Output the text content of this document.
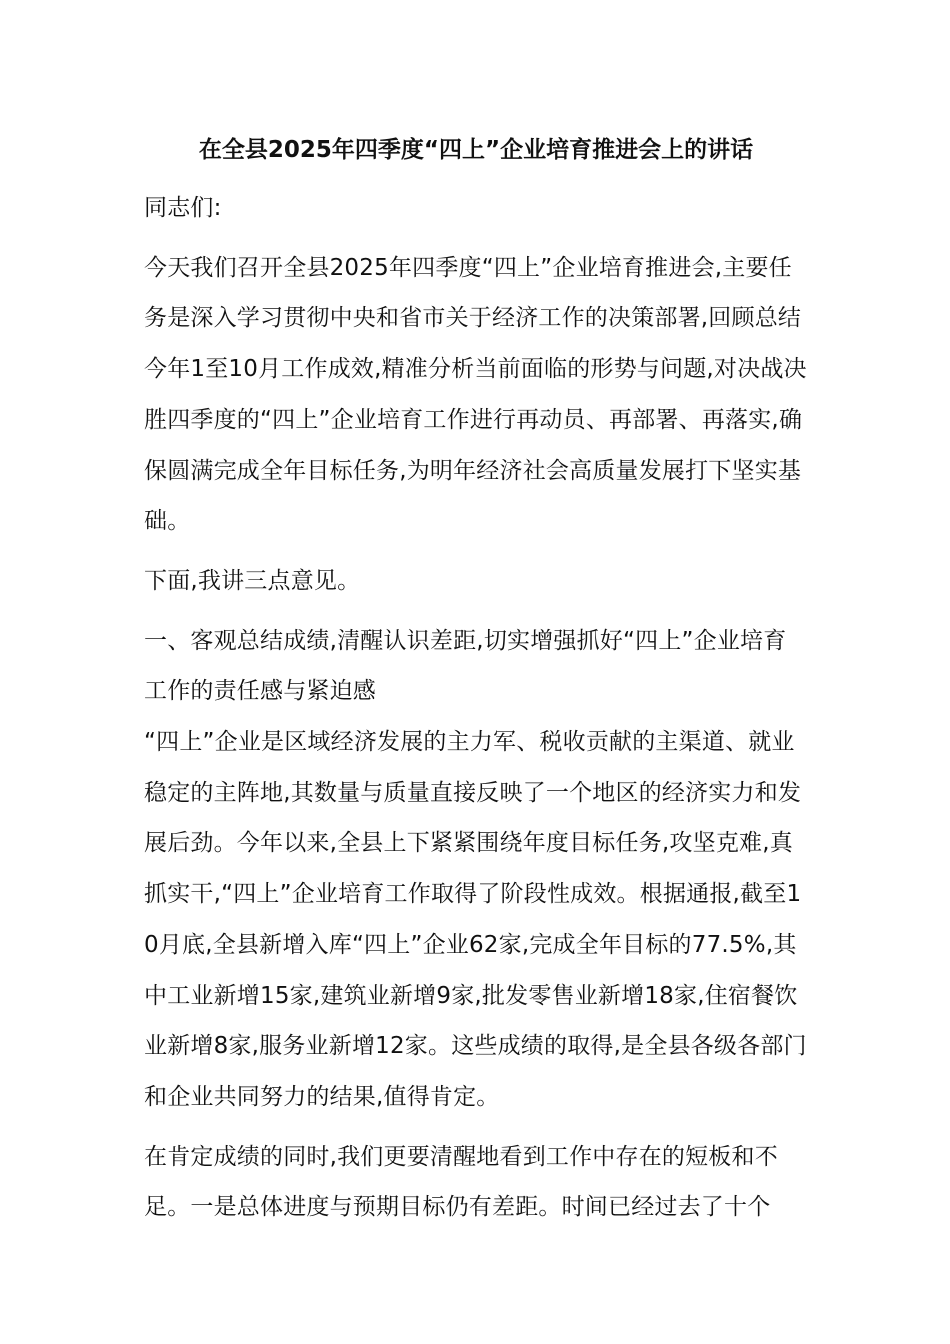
在全县2025年四季度“四上”企业培育推进会上的讲话

同志们:

今天我们召开全县2025年四季度“四上”企业培育推进会,主要任务是深入学习贯彻中央和省市关于经济工作的决策部署,回顾总结今年1至10月工作成效,精准分析当前面临的形势与问题,对决战决胜四季度的“四上”企业培育工作进行再动员、再部署、再落实,确保圆满完成全年目标任务,为明年经济社会高质量发展打下坚实基础。

下面,我讲三点意见。

一、客观总结成绩,清醒认识差距,切实增强抓好“四上”企业培育工作的责任感与紧迫感

“四上”企业是区域经济发展的主力军、税收贡献的主渠道、就业稳定的主阵地,其数量与质量直接反映了一个地区的经济实力和发展后劲。今年以来,全县上下紧紧围绕年度目标任务,攻坚克难,真抓实干,“四上”企业培育工作取得了阶段性成效。根据通报,截至10月底,全县新增入库“四上”企业62家,完成全年目标的77.5%,其中工业新增15家,建筑业新增9家,批发零售业新增18家,住宿餐饮业新增8家,服务业新增12家。这些成绩的取得,是全县各级各部门和企业共同努力的结果,值得肯定。

在肯定成绩的同时,我们更要清醒地看到工作中存在的短板和不足。一是总体进度与预期目标仍有差距。时间已经过去了十个
